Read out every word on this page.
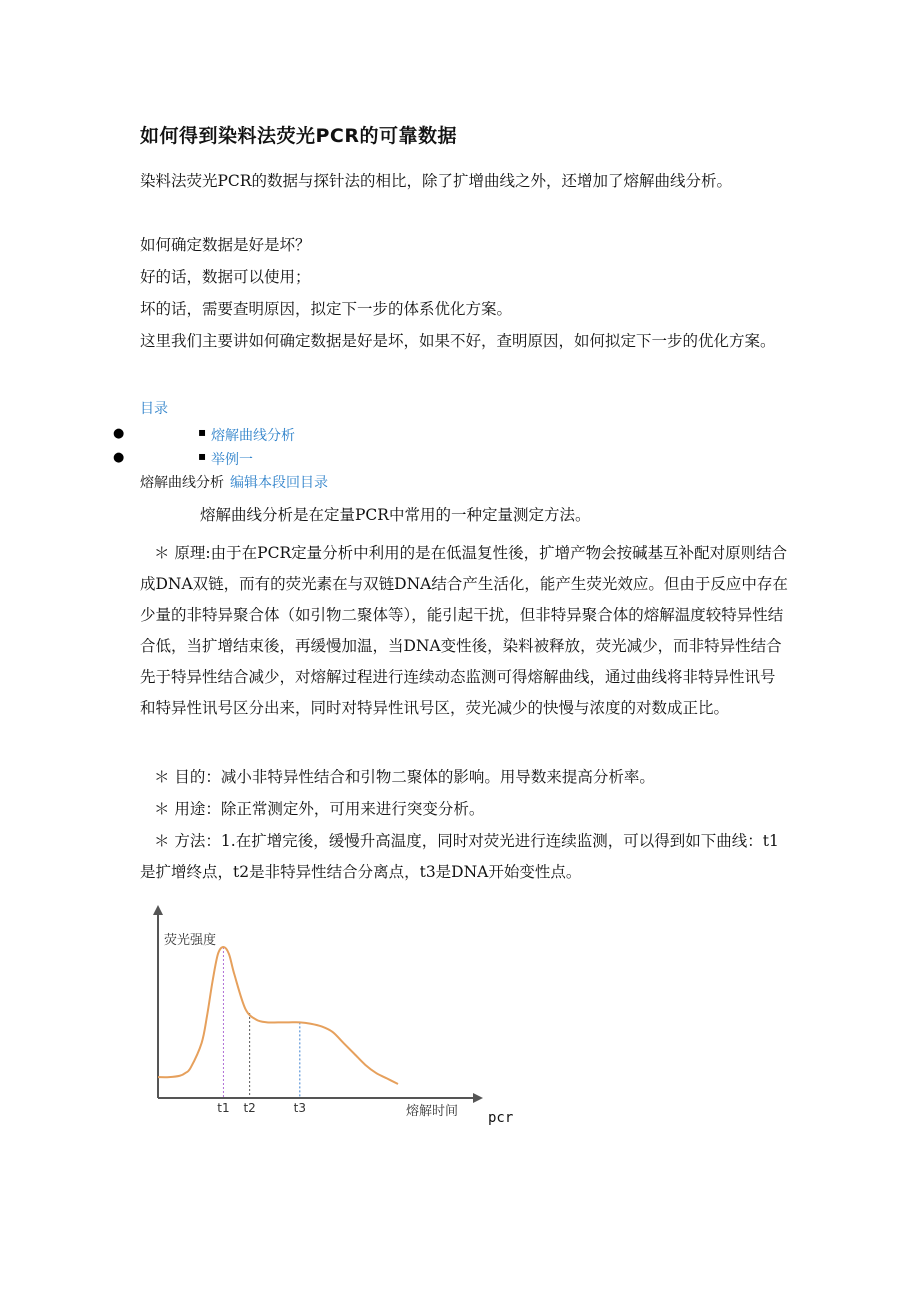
如何得到染料法荧光PCR的可靠数据

染料法荧光PCR的数据与探针法的相比，除了扩增曲线之外，还增加了熔解曲线分析。

如何确定数据是好是坏？

好的话，数据可以使用；

坏的话，需要查明原因，拟定下一步的体系优化方案。

这里我们主要讲如何确定数据是好是坏，如果不好，查明原因，如何拟定下一步的优化方案。

目录
●	▪ 熔解曲线分析
●	▪ 举例一
熔解曲线分析 编辑本段回目录

熔解曲线分析是在定量PCR中常用的一种定量测定方法。

＊ 原理:由于在PCR定量分析中利用的是在低温复性後，扩增产物会按碱基互补配对原则结合成DNA双链，而有的荧光素在与双链DNA结合产生活化，能产生荧光效应。但由于反应中存在少量的非特异聚合体（如引物二聚体等），能引起干扰，但非特异聚合体的熔解温度较特异性结合低，当扩增结束後，再缓慢加温，当DNA变性後，染料被释放，荧光减少，而非特异性结合先于特异性结合减少，对熔解过程进行连续动态监测可得熔解曲线，通过曲线将非特异性讯号和特异性讯号区分出来，同时对特异性讯号区，荧光减少的快慢与浓度的对数成正比。

＊ 目的：减小非特异性结合和引物二聚体的影响。用导数来提高分析率。

＊ 用途：除正常测定外，可用来进行突变分析。

＊ 方法：1.在扩增完後，缓慢升高温度，同时对荧光进行连续监测，可以得到如下曲线：t1是扩增终点，t2是非特异性结合分离点，t3是DNA开始变性点。

荧光强度
熔解时间
t1 t2	t3
pcr
